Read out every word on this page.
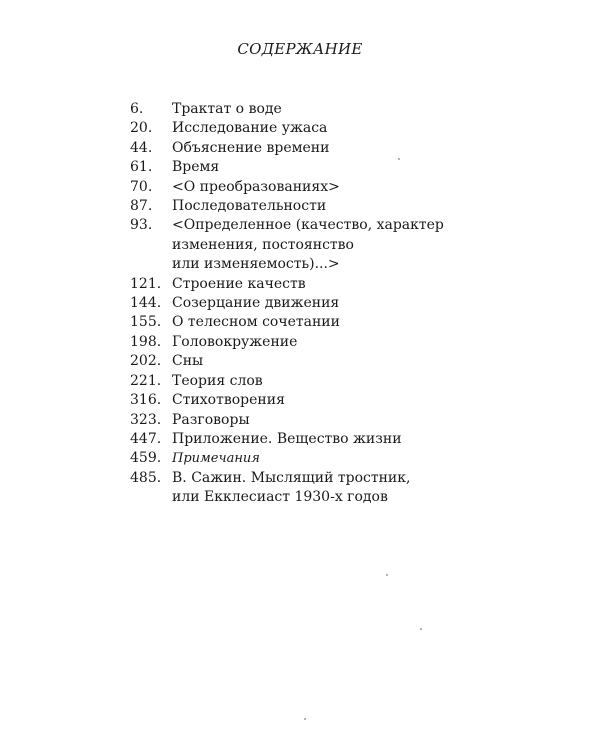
СОДЕРЖАНИЕ
6.	Трактат о воде
20.	Исследование ужаса
44.	Объяснение времени
61.	Время
70.	<О преобразованиях>
87.	Последовательности
93.	<Определенное (качество, характер
изменения, постоянство
или изменяемость)...>
121. Строение качеств
144. Созерцание движения
155. О телесном сочетании
198. Головокружение
202. Сны
221. Теория слов
316. Стихотворения
323. Разговоры
447. Приложение. Вещество жизни
459. Примечания
485. В. Сажин. Мыслящий тростник,
или Екклесиаст 1930-х годов
